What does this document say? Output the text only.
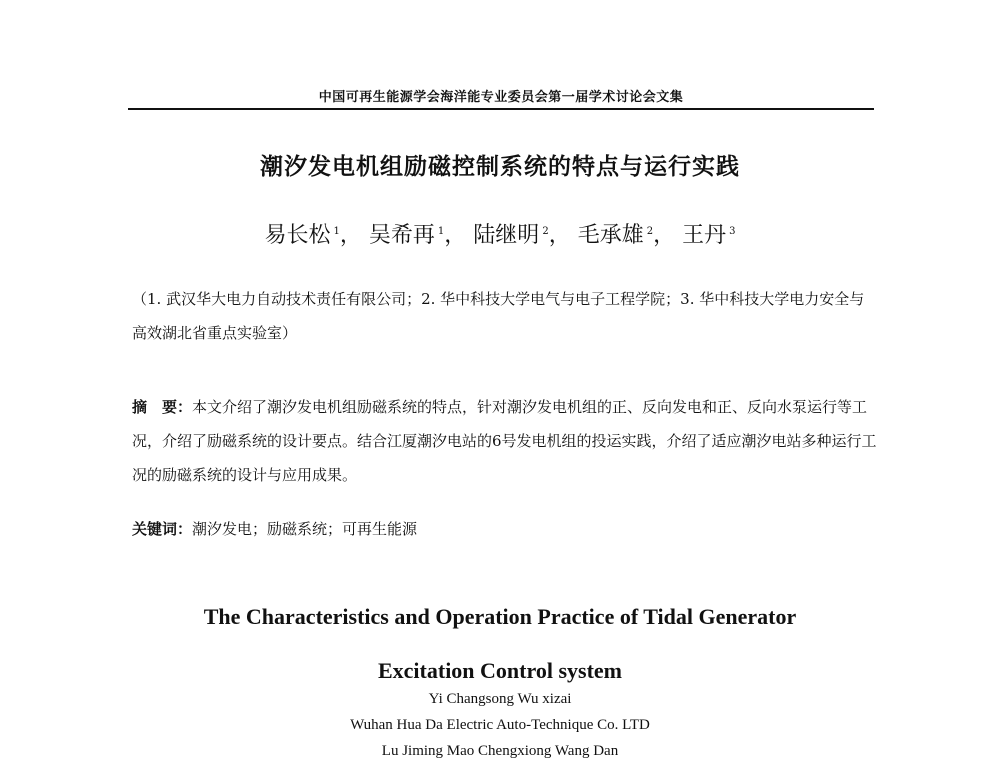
中国可再生能源学会海洋能专业委员会第一届学术讨论会文集
潮汐发电机组励磁控制系统的特点与运行实践
易长松 $^1$， 吴希再 $^1$， 陆继明 $^2$， 毛承雄 $^2$， 王丹 $^3$
（1. 武汉华大电力自动技术责任有限公司；2. 华中科技大学电气与电子工程学院；3. 华中科技大学电力安全与高效湖北省重点实验室）
摘　要：本文介绍了潮汐发电机组励磁系统的特点，针对潮汐发电机组的正、反向发电和正、反向水泵运行等工况，介绍了励磁系统的设计要点。结合江厦潮汐电站的6号发电机组的投运实践，介绍了适应潮汐电站多种运行工况的励磁系统的设计与应用成果。
关键词：潮汐发电；励磁系统；可再生能源
The Characteristics and Operation Practice of Tidal Generator
Excitation Control system
Yi Changsong Wu xizai
Wuhan Hua Da Electric Auto-Technique Co. LTD
Lu Jiming Mao Chengxiong Wang Dan
